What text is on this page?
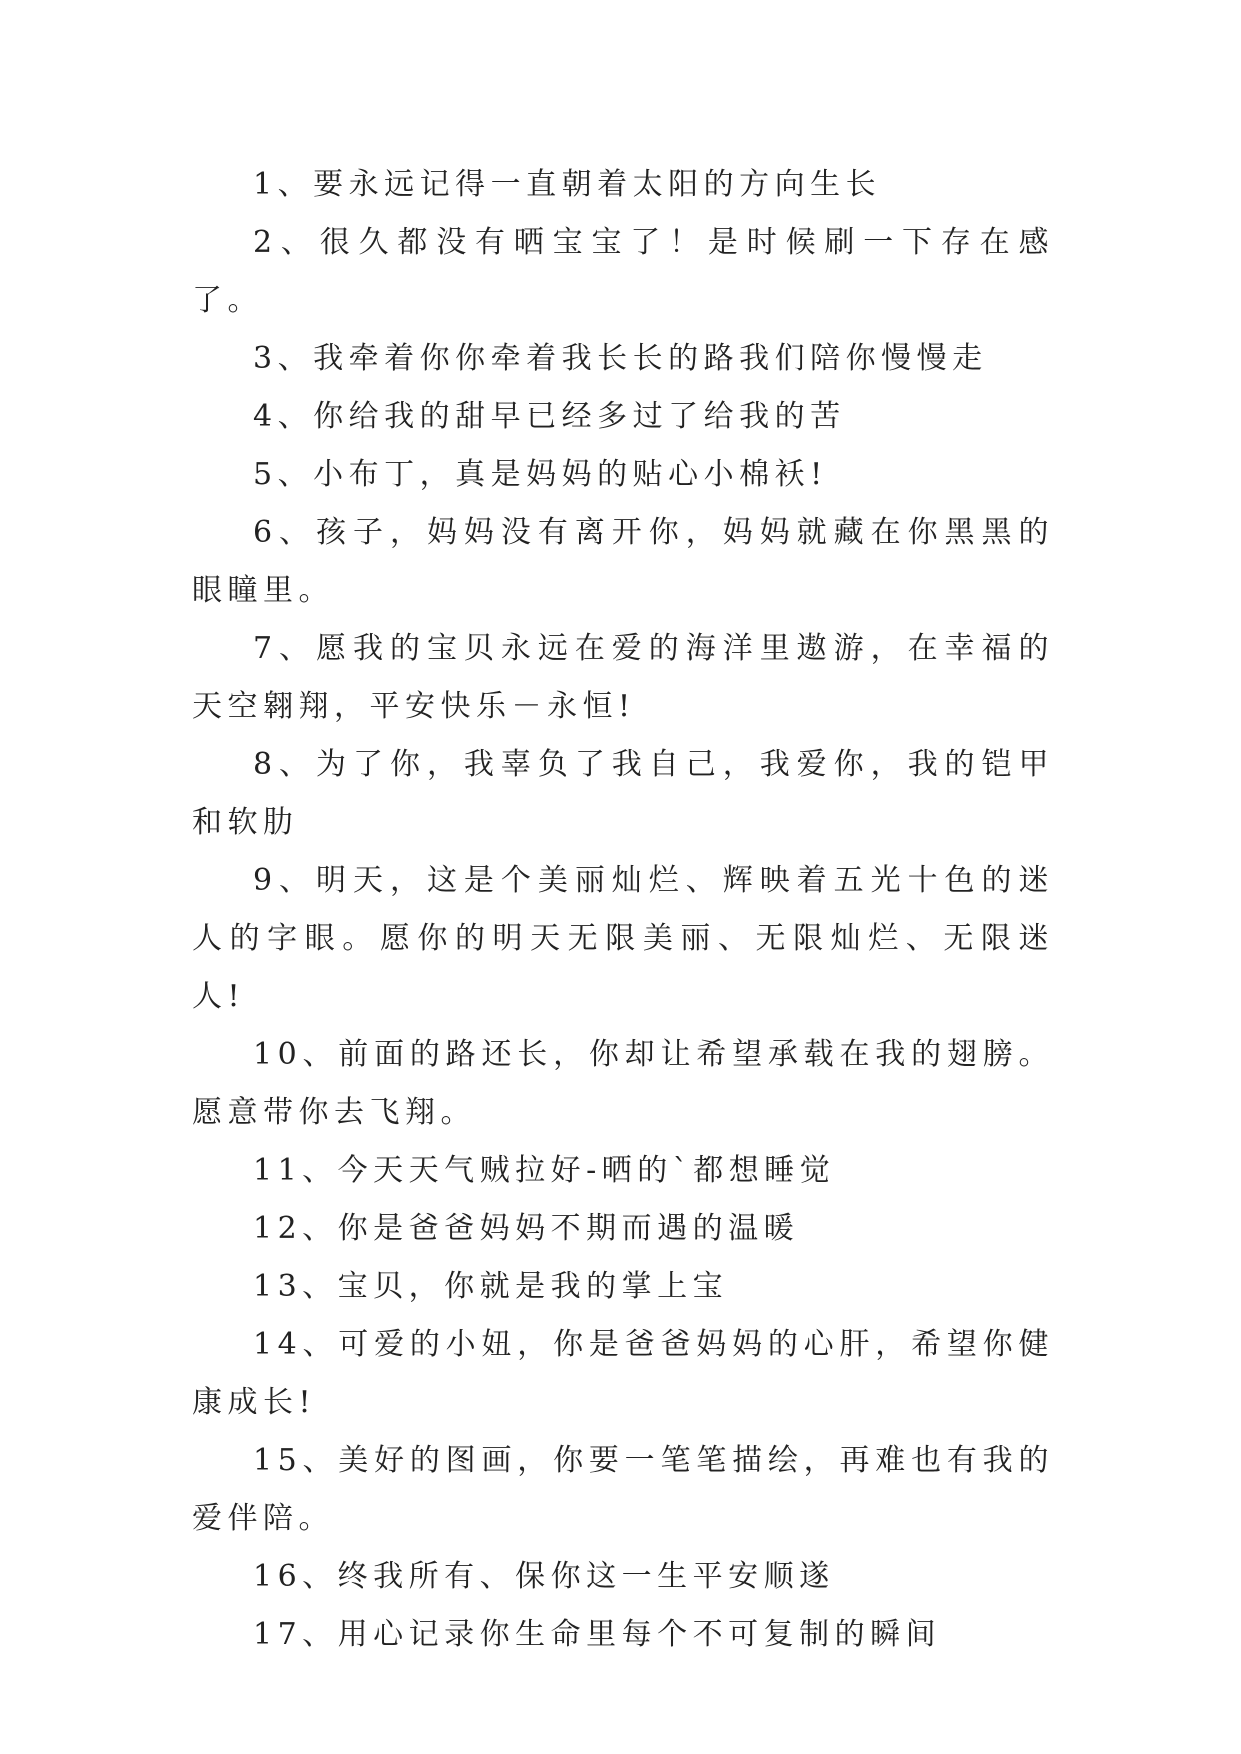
1、要永远记得一直朝着太阳的方向生长

2、很久都没有晒宝宝了！是时候刷一下存在感了。

3、我牵着你你牵着我长长的路我们陪你慢慢走

4、你给我的甜早已经多过了给我的苦

5、小布丁，真是妈妈的贴心小棉袄!

6、孩子，妈妈没有离开你，妈妈就藏在你黑黑的眼瞳里。

7、愿我的宝贝永远在爱的海洋里遨游，在幸福的天空翱翔，平安快乐－永恒!

8、为了你，我辜负了我自己，我爱你，我的铠甲和软肋

9、明天，这是个美丽灿烂、辉映着五光十色的迷人的字眼。愿你的明天无限美丽、无限灿烂、无限迷人!

10、前面的路还长，你却让希望承载在我的翅膀。愿意带你去飞翔。

11、今天天气贼拉好-晒的`都想睡觉

12、你是爸爸妈妈不期而遇的温暖

13、宝贝，你就是我的掌上宝

14、可爱的小妞，你是爸爸妈妈的心肝，希望你健康成长!

15、美好的图画，你要一笔笔描绘，再难也有我的爱伴陪。

16、终我所有、保你这一生平安顺遂

17、用心记录你生命里每个不可复制的瞬间
